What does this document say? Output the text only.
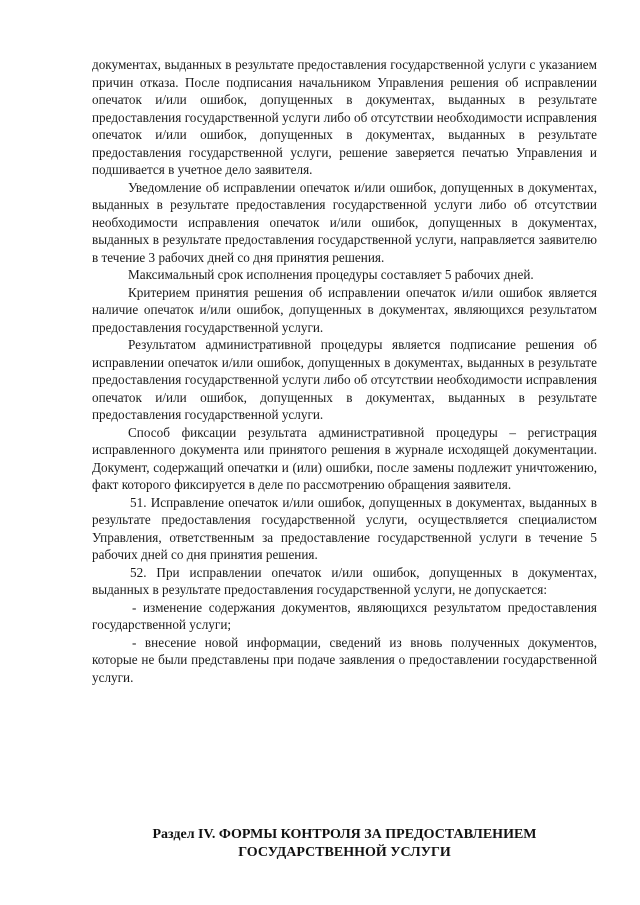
документах, выданных в результате предоставления государственной услуги с указанием причин отказа. После подписания начальником Управления решения об исправлении опечаток и/или ошибок, допущенных в документах, выданных в результате предоставления государственной услуги либо об отсутствии необходимости исправления опечаток и/или ошибок, допущенных в документах, выданных в результате предоставления государственной услуги, решение заверяется печатью Управления и подшивается в учетное дело заявителя.

Уведомление об исправлении опечаток и/или ошибок, допущенных в документах, выданных в результате предоставления государственной услуги либо об отсутствии необходимости исправления опечаток и/или ошибок, допущенных в документах, выданных в результате предоставления государственной услуги, направляется заявителю в течение 3 рабочих дней со дня принятия решения.

Максимальный срок исполнения процедуры составляет 5 рабочих дней.

Критерием принятия решения об исправлении опечаток и/или ошибок является наличие опечаток и/или ошибок, допущенных в документах, являющихся результатом предоставления государственной услуги.

Результатом административной процедуры является подписание решения об исправлении опечаток и/или ошибок, допущенных в документах, выданных в результате предоставления государственной услуги либо об отсутствии необходимости исправления опечаток и/или ошибок, допущенных в документах, выданных в результате предоставления государственной услуги.

Способ фиксации результата административной процедуры – регистрация исправленного документа или принятого решения в журнале исходящей документации. Документ, содержащий опечатки и (или) ошибки, после замены подлежит уничтожению, факт которого фиксируется в деле по рассмотрению обращения заявителя.

51. Исправление опечаток и/или ошибок, допущенных в документах, выданных в результате предоставления государственной услуги, осуществляется специалистом Управления, ответственным за предоставление государственной услуги в течение 5 рабочих дней со дня принятия решения.

52. При исправлении опечаток и/или ошибок, допущенных в документах, выданных в результате предоставления государственной услуги, не допускается:

- изменение содержания документов, являющихся результатом предоставления государственной услуги;

- внесение новой информации, сведений из вновь полученных документов, которые не были представлены при подаче заявления о предоставлении государственной услуги.

Раздел IV. ФОРМЫ КОНТРОЛЯ ЗА ПРЕДОСТАВЛЕНИЕМ ГОСУДАРСТВЕННОЙ УСЛУГИ
